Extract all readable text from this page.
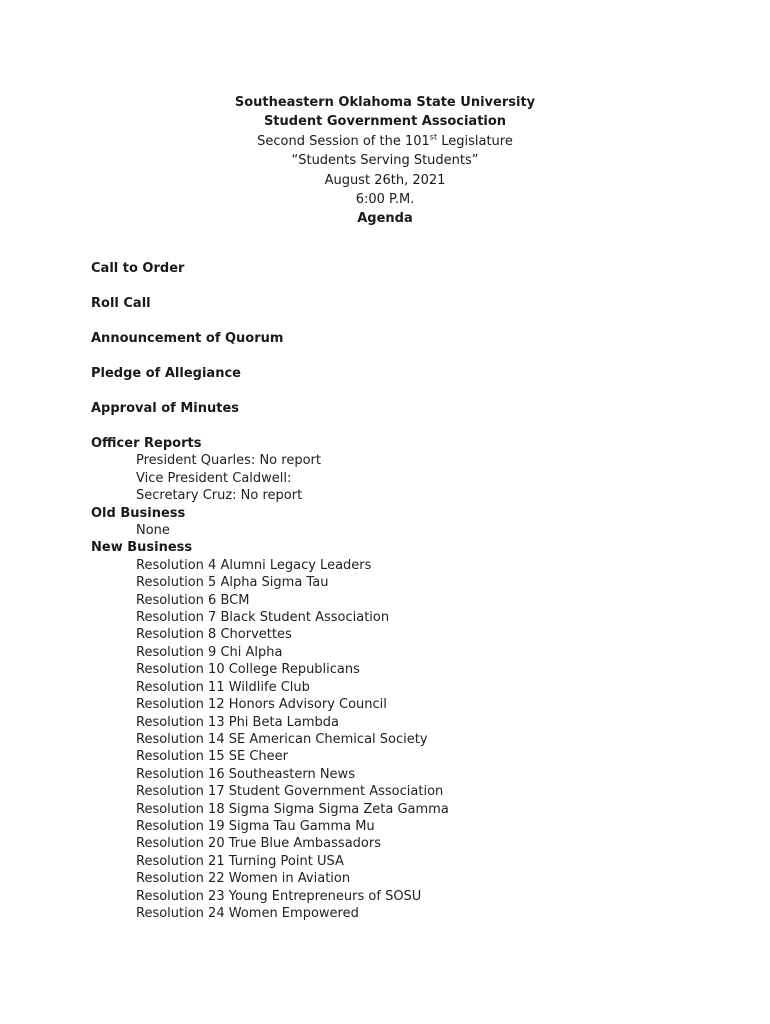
Southeastern Oklahoma State University
Student Government Association
Second Session of the 101st Legislature
“Students Serving Students”
August 26th, 2021
6:00 P.M.
Agenda
Call to Order
Roll Call
Announcement of Quorum
Pledge of Allegiance
Approval of Minutes
Officer Reports
President Quarles: No report
Vice President Caldwell:
Secretary Cruz: No report
Old Business
None
New Business
Resolution 4 Alumni Legacy Leaders
Resolution 5 Alpha Sigma Tau
Resolution 6 BCM
Resolution 7 Black Student Association
Resolution 8 Chorvettes
Resolution 9 Chi Alpha
Resolution 10 College Republicans
Resolution 11 Wildlife Club
Resolution 12 Honors Advisory Council
Resolution 13 Phi Beta Lambda
Resolution 14 SE American Chemical Society
Resolution 15 SE Cheer
Resolution 16 Southeastern News
Resolution 17 Student Government Association
Resolution 18 Sigma Sigma Sigma Zeta Gamma
Resolution 19 Sigma Tau Gamma Mu
Resolution 20 True Blue Ambassadors
Resolution 21 Turning Point USA
Resolution 22 Women in Aviation
Resolution 23 Young Entrepreneurs of SOSU
Resolution 24 Women Empowered
